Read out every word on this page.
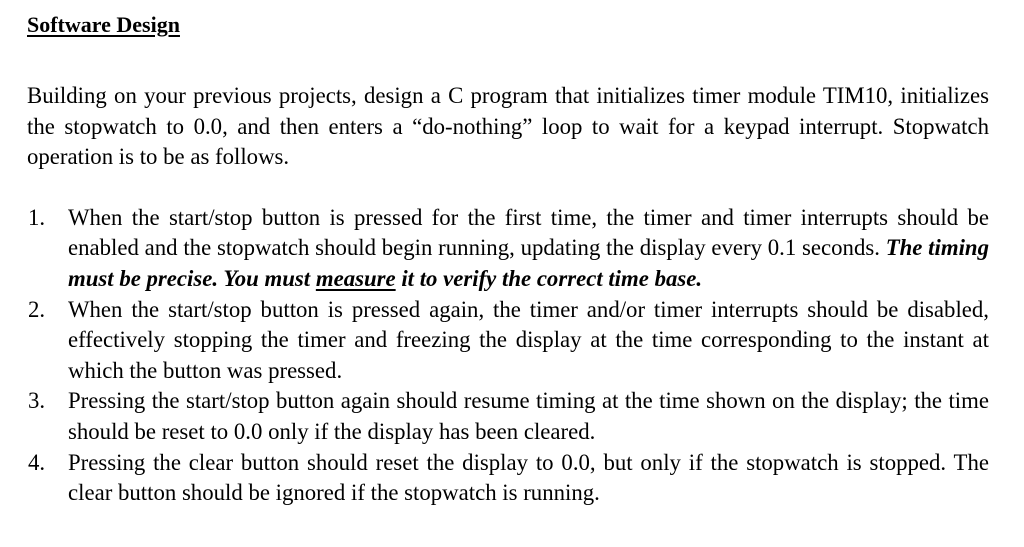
Software Design

Building on your previous projects, design a C program that initializes timer module TIM10, initializes the stopwatch to 0.0, and then enters a “do-nothing” loop to wait for a keypad interrupt. Stopwatch operation is to be as follows.

1.	When the start/stop button is pressed for the first time, the timer and timer interrupts should be enabled and the stopwatch should begin running, updating the display every 0.1 seconds. The timing must be precise. You must measure it to verify the correct time base.
2.	When the start/stop button is pressed again, the timer and/or timer interrupts should be disabled, effectively stopping the timer and freezing the display at the time corresponding to the instant at which the button was pressed.
3.	Pressing the start/stop button again should resume timing at the time shown on the display; the time should be reset to 0.0 only if the display has been cleared.
4.	Pressing the clear button should reset the display to 0.0, but only if the stopwatch is stopped. The clear button should be ignored if the stopwatch is running.
